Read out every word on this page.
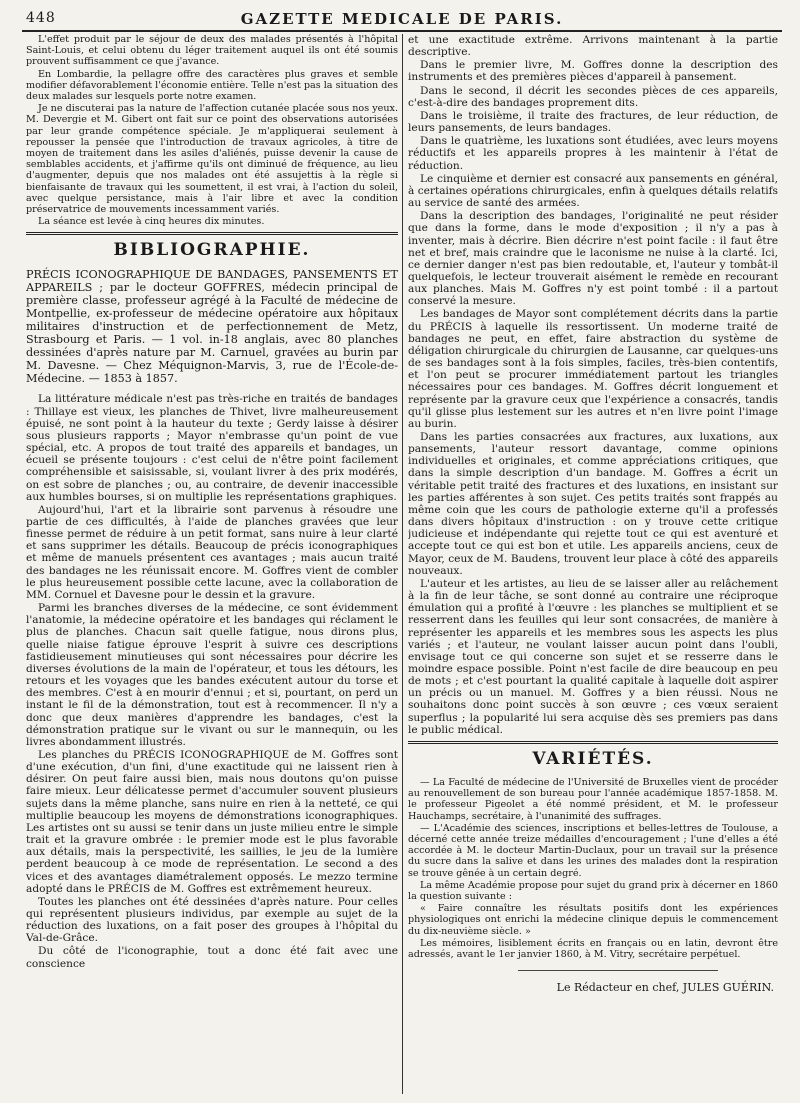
448	GAZETTE MEDICALE DE PARIS.

L'effet produit par le séjour de deux des malades présentés à l'hôpital Saint-Louis, et celui obtenu du léger traitement auquel ils ont été soumis prouvent suffisamment ce que j'avance.

En Lombardie, la pellagre offre des caractères plus graves et semble modifier défavorablement l'économie entière. Telle n'est pas la situation des deux malades sur lesquels porte notre examen.

Je ne discuterai pas la nature de l'affection cutanée placée sous nos yeux. M. Devergie et M. Gibert ont fait sur ce point des observations autorisées par leur grande compétence spéciale. Je m'appliquerai seulement à repousser la pensée que l'introduction de travaux agricoles, à titre de moyen de traitement dans les asiles d'aliénés, puisse devenir la cause de semblables accidents, et j'affirme qu'ils ont diminué de fréquence, au lieu d'augmenter, depuis que nos malades ont été assujettis à la règle si bienfaisante de travaux qui les soumettent, il est vrai, à l'action du soleil, avec quelque persistance, mais à l'air libre et avec la condition préservatrice de mouvements incessamment variés.

La séance est levée à cinq heures dix minutes.

BIBLIOGRAPHIE.
PRÉCIS ICONOGRAPHIQUE DE BANDAGES, PANSEMENTS ET APPAREILS ; par le docteur GOFFRES, médecin principal de première classe, professeur agrégé à la Faculté de médecine de Montpellie, ex-professeur de médecine opératoire aux hôpitaux militaires d'instruction et de perfectionnement de Metz, Strasbourg et Paris. — 1 vol. in-18 anglais, avec 80 planches dessinées d'après nature par M. Carnuel, gravées au burin par M. Davesne. — Chez Méquignon-Marvis, 3, rue de l'École-de-Médecine. — 1853 à 1857.

La littérature médicale n'est pas très-riche en traités de bandages : Thillaye est vieux, les planches de Thivet, livre malheureusement épuisé, ne sont point à la hauteur du texte ; Gerdy laisse à désirer sous plusieurs rapports ; Mayor n'embrasse qu'un point de vue spécial, etc. A propos de tout traité des appareils et bandages, un écueil se présente toujours : c'est celui de n'être point facilement compréhensible et saisissable, si, voulant livrer à des prix modérés, on est sobre de planches ; ou, au contraire, de devenir inaccessible aux humbles bourses, si on multiplie les représentations graphiques.

Aujourd'hui, l'art et la librairie sont parvenus à résoudre une partie de ces difficultés, à l'aide de planches gravées que leur finesse permet de réduire à un petit format, sans nuire à leur clarté et sans supprimer les détails. Beaucoup de précis iconographiques et même de manuels présentent ces avantages ; mais aucun traité des bandages ne les réunissait encore. M. Goffres vient de combler le plus heureusement possible cette lacune, avec la collaboration de MM. Cornuel et Davesne pour le dessin et la gravure.

Parmi les branches diverses de la médecine, ce sont évidemment l'anatomie, la médecine opératoire et les bandages qui réclament le plus de planches. Chacun sait quelle fatigue, nous dirons plus, quelle niaise fatigue éprouve l'esprit à suivre ces descriptions fastidieusement minutieuses qui sont nécessaires pour décrire les diverses évolutions de la main de l'opérateur, et tous les détours, les retours et les voyages que les bandes exécutent autour du torse et des membres. C'est à en mourir d'ennui ; et si, pourtant, on perd un instant le fil de la démonstration, tout est à recommencer. Il n'y a donc que deux manières d'apprendre les bandages, c'est la démonstration pratique sur le vivant ou sur le mannequin, ou les livres abondamment illustrés.

Les planches du PRÉCIS ICONOGRAPHIQUE de M. Goffres sont d'une exécution, d'un fini, d'une exactitude qui ne laissent rien à désirer. On peut faire aussi bien, mais nous doutons qu'on puisse faire mieux. Leur délicatesse permet d'accumuler souvent plusieurs sujets dans la même planche, sans nuire en rien à la netteté, ce qui multiplie beaucoup les moyens de démonstrations iconographiques. Les artistes ont su aussi se tenir dans un juste milieu entre le simple trait et la gravure ombrée : le premier mode est le plus favorable aux détails, mais la perspectivité, les saillies, le jeu de la lumière perdent beaucoup à ce mode de représentation. Le second a des vices et des avantages diamétralement opposés. Le mezzo termine adopté dans le PRÉCIS de M. Goffres est extrêmement heureux.

Toutes les planches ont été dessinées d'après nature. Pour celles qui représentent plusieurs individus, par exemple au sujet de la réduction des luxations, on a fait poser des groupes à l'hôpital du Val-de-Grâce.

Du côté de l'iconographie, tout a donc été fait avec une conscience

et une exactitude extrême. Arrivons maintenant à la partie descriptive.

Dans le premier livre, M. Goffres donne la description des instruments et des premières pièces d'appareil à pansement.

Dans le second, il décrit les secondes pièces de ces appareils, c'est-à-dire des bandages proprement dits.

Dans le troisième, il traite des fractures, de leur réduction, de leurs pansements, de leurs bandages.

Dans le quatrième, les luxations sont étudiées, avec leurs moyens réductifs et les appareils propres à les maintenir à l'état de réduction.

Le cinquième et dernier est consacré aux pansements en général, à certaines opérations chirurgicales, enfin à quelques détails relatifs au service de santé des armées.

Dans la description des bandages, l'originalité ne peut résider que dans la forme, dans le mode d'exposition ; il n'y a pas à inventer, mais à décrire. Bien décrire n'est point facile : il faut être net et bref, mais craindre que le laconisme ne nuise à la clarté. Ici, ce dernier danger n'est pas bien redoutable, et, l'auteur y tombât-il quelquefois, le lecteur trouverait aisément le remède en recourant aux planches. Mais M. Goffres n'y est point tombé : il a partout conservé la mesure.

Les bandages de Mayor sont complétement décrits dans la partie du PRÉCIS à laquelle ils ressortissent. Un moderne traité de bandages ne peut, en effet, faire abstraction du système de déligation chirurgicale du chirurgien de Lausanne, car quelques-uns de ses bandages sont à la fois simples, faciles, très-bien contentifs, et l'on peut se procurer immédiatement partout les triangles nécessaires pour ces bandages. M. Goffres décrit longuement et représente par la gravure ceux que l'expérience a consacrés, tandis qu'il glisse plus lestement sur les autres et n'en livre point l'image au burin.

Dans les parties consacrées aux fractures, aux luxations, aux pansements, l'auteur ressort davantage, comme opinions individuelles et originales, et comme appréciations critiques, que dans la simple description d'un bandage. M. Goffres a écrit un véritable petit traité des fractures et des luxations, en insistant sur les parties afférentes à son sujet. Ces petits traités sont frappés au même coin que les cours de pathologie externe qu'il a professés dans divers hôpitaux d'instruction : on y trouve cette critique judicieuse et indépendante qui rejette tout ce qui est aventuré et accepte tout ce qui est bon et utile. Les appareils anciens, ceux de Mayor, ceux de M. Baudens, trouvent leur place à côté des appareils nouveaux.

L'auteur et les artistes, au lieu de se laisser aller au relâchement à la fin de leur tâche, se sont donné au contraire une réciproque émulation qui a profité à l'œuvre : les planches se multiplient et se resserrent dans les feuilles qui leur sont consacrées, de manière à représenter les appareils et les membres sous les aspects les plus variés ; et l'auteur, ne voulant laisser aucun point dans l'oubli, envisage tout ce qui concerne son sujet et se resserre dans le moindre espace possible. Point n'est facile de dire beaucoup en peu de mots ; et c'est pourtant la qualité capitale à laquelle doit aspirer un précis ou un manuel. M. Goffres y a bien réussi. Nous ne souhaitons donc point succès à son œuvre ; ces vœux seraient superflus ; la popularité lui sera acquise dès ses premiers pas dans le public médical.

VARIÉTÉS.

— La Faculté de médecine de l'Université de Bruxelles vient de procéder au renouvellement de son bureau pour l'année académique 1857-1858. M. le professeur Pigeolet a été nommé président, et M. le professeur Hauchamps, secrétaire, à l'unanimité des suffrages.

— L'Académie des sciences, inscriptions et belles-lettres de Toulouse, a décerné cette année treize médailles d'encouragement ; l'une d'elles a été accordée à M. le docteur Martin-Duclaux, pour un travail sur la présence du sucre dans la salive et dans les urines des malades dont la respiration se trouve gênée à un certain degré.

La même Académie propose pour sujet du grand prix à décerner en 1860 la question suivante :

« Faire connaître les résultats positifs dont les expériences physiologiques ont enrichi la médecine clinique depuis le commencement du dix-neuvième siècle. »

Les mémoires, lisiblement écrits en français ou en latin, devront être adressés, avant le 1er janvier 1860, à M. Vitry, secrétaire perpétuel.

Le Rédacteur en chef, JULES GUÉRIN.
